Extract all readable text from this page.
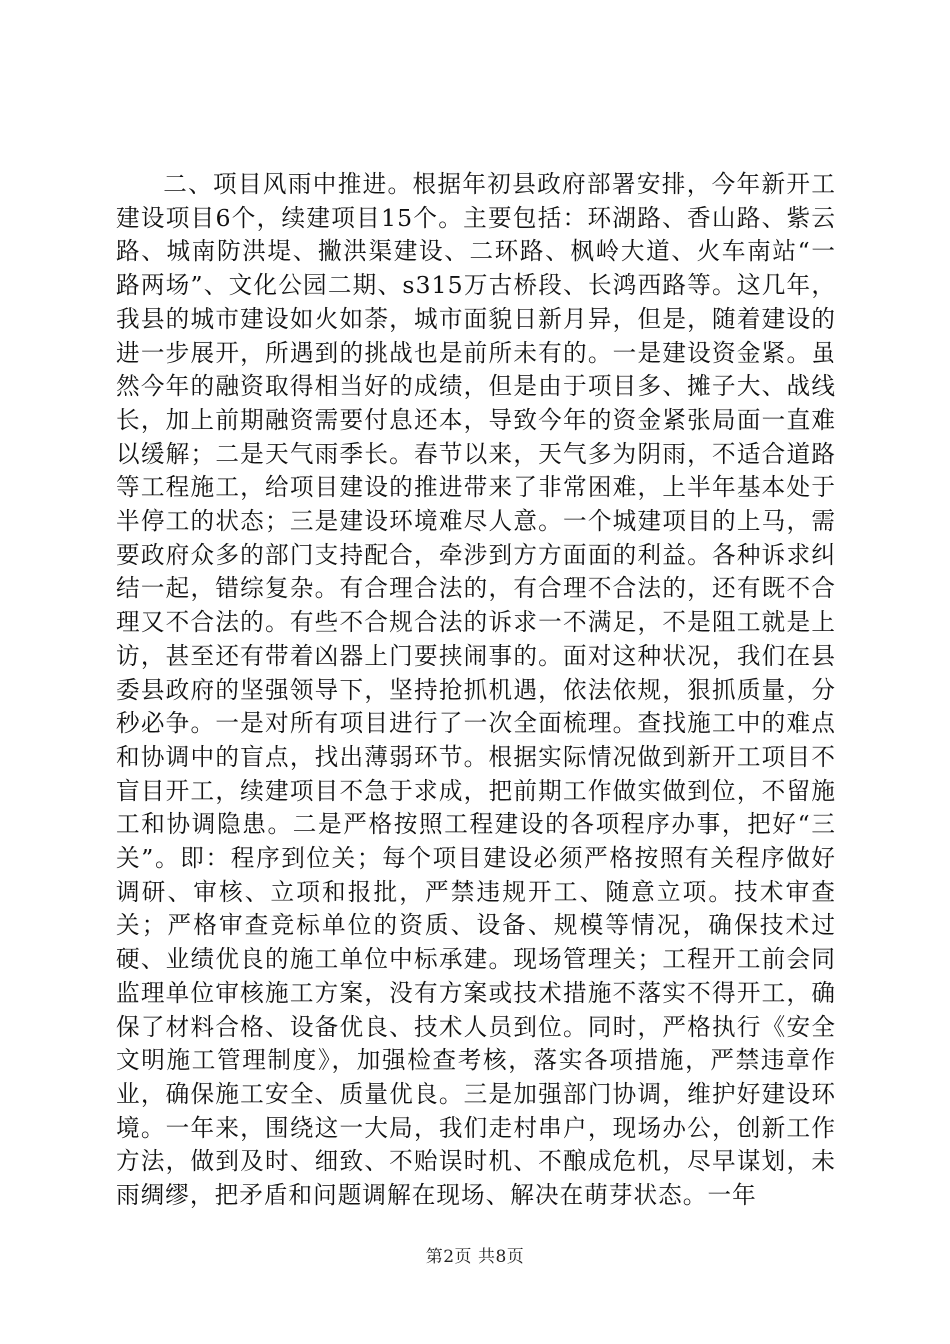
二、项目风雨中推进。根据年初县政府部署安排，今年新开工建设项目6个，续建项目15个。主要包括：环湖路、香山路、紫云路、城南防洪堤、撇洪渠建设、二环路、枫岭大道、火车南站“一路两场”、文化公园二期、s315万古桥段、长鸿西路等。这几年，我县的城市建设如火如荼，城市面貌日新月异，但是，随着建设的进一步展开，所遇到的挑战也是前所未有的。一是建设资金紧。虽然今年的融资取得相当好的成绩，但是由于项目多、摊子大、战线长，加上前期融资需要付息还本，导致今年的资金紧张局面一直难以缓解；二是天气雨季长。春节以来，天气多为阴雨，不适合道路等工程施工，给项目建设的推进带来了非常困难，上半年基本处于半停工的状态；三是建设环境难尽人意。一个城建项目的上马，需要政府众多的部门支持配合，牵涉到方方面面的利益。各种诉求纠结一起，错综复杂。有合理合法的，有合理不合法的，还有既不合理又不合法的。有些不合规合法的诉求一不满足，不是阻工就是上访，甚至还有带着凶器上门要挟闹事的。面对这种状况，我们在县委县政府的坚强领导下，坚持抢抓机遇，依法依规，狠抓质量，分秒必争。一是对所有项目进行了一次全面梳理。查找施工中的难点和协调中的盲点，找出薄弱环节。根据实际情况做到新开工项目不盲目开工，续建项目不急于求成，把前期工作做实做到位，不留施工和协调隐患。二是严格按照工程建设的各项程序办事，把好“三关”。即：程序到位关；每个项目建设必须严格按照有关程序做好调研、审核、立项和报批，严禁违规开工、随意立项。技术审查关；严格审查竞标单位的资质、设备、规模等情况，确保技术过硬、业绩优良的施工单位中标承建。现场管理关；工程开工前会同监理单位审核施工方案，没有方案或技术措施不落实不得开工，确保了材料合格、设备优良、技术人员到位。同时，严格执行《安全文明施工管理制度》，加强检查考核，落实各项措施，严禁违章作业，确保施工安全、质量优良。三是加强部门协调，维护好建设环境。一年来，围绕这一大局，我们走村串户，现场办公，创新工作方法，做到及时、细致、不贻误时机、不酿成危机，尽早谋划，未雨绸缪，把矛盾和问题调解在现场、解决在萌芽状态。一年

第2页 共8页
